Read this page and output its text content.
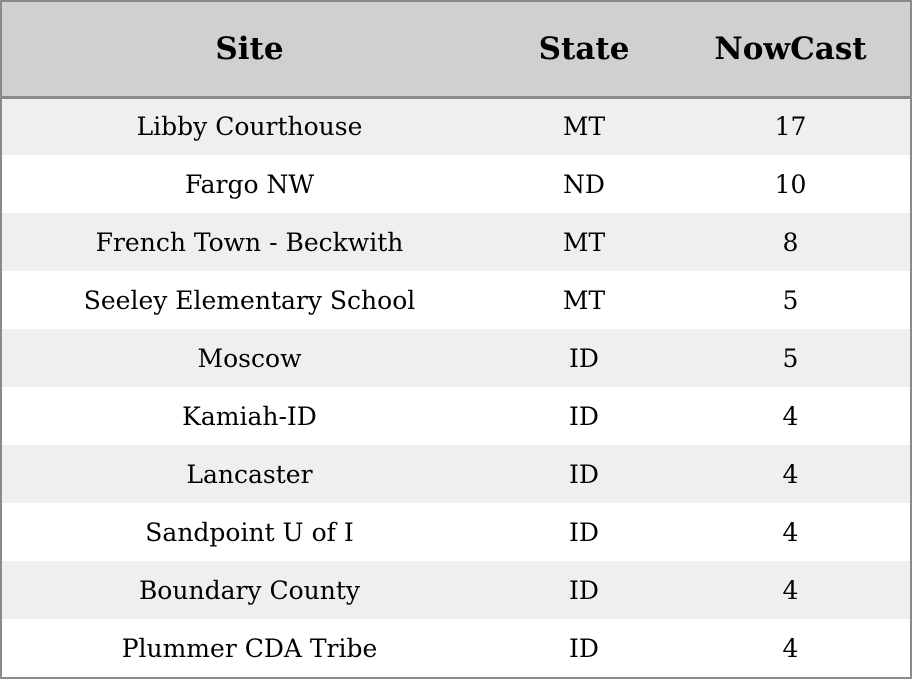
Site	State	NowCast
Libby Courthouse	MT	17
Fargo NW	ND	10
French Town - Beckwith	MT	8
Seeley Elementary School	MT	5
Moscow	ID	5
Kamiah-ID	ID	4
Lancaster	ID	4
Sandpoint U of I	ID	4
Boundary County	ID	4
Plummer CDA Tribe	ID	4
